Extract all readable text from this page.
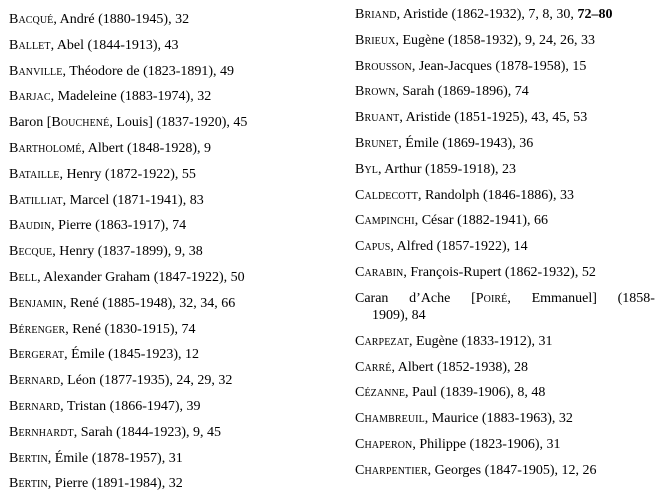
Bacqué, André (1880-1945), 32
Ballet, Abel (1844-1913), 43
Banville, Théodore de (1823-1891), 49
Barjac, Madeleine (1883-1974), 32
Baron [Bouchené, Louis] (1837-1920), 45
Bartholomé, Albert (1848-1928), 9
Bataille, Henry (1872-1922), 55
Batilliat, Marcel (1871-1941), 83
Baudin, Pierre (1863-1917), 74
Becque, Henry (1837-1899), 9, 38
Bell, Alexander Graham (1847-1922), 50
Benjamin, René (1885-1948), 32, 34, 66
Bérenger, René (1830-1915), 74
Bergerat, Émile (1845-1923), 12
Bernard, Léon (1877-1935), 24, 29, 32
Bernard, Tristan (1866-1947), 39
Bernhardt, Sarah (1844-1923), 9, 45
Bertin, Émile (1878-1957), 31
Bertin, Pierre (1891-1984), 32
Briand, Aristide (1862-1932), 7, 8, 30, 72–80
Brieux, Eugène (1858-1932), 9, 24, 26, 33
Brousson, Jean-Jacques (1878-1958), 15
Brown, Sarah (1869-1896), 74
Bruant, Aristide (1851-1925), 43, 45, 53
Brunet, Émile (1869-1943), 36
Byl, Arthur (1859-1918), 23
Caldecott, Randolph (1846-1886), 33
Campinchi, César (1882-1941), 66
Capus, Alfred (1857-1922), 14
Carabin, François-Rupert (1862-1932), 52
Caran d’Ache [Poiré, Emmanuel] (1858-
1909), 84
Carpezat, Eugène (1833-1912), 31
Carré, Albert (1852-1938), 28
Cézanne, Paul (1839-1906), 8, 48
Chambreuil, Maurice (1883-1963), 32
Chaperon, Philippe (1823-1906), 31
Charpentier, Georges (1847-1905), 12, 26
